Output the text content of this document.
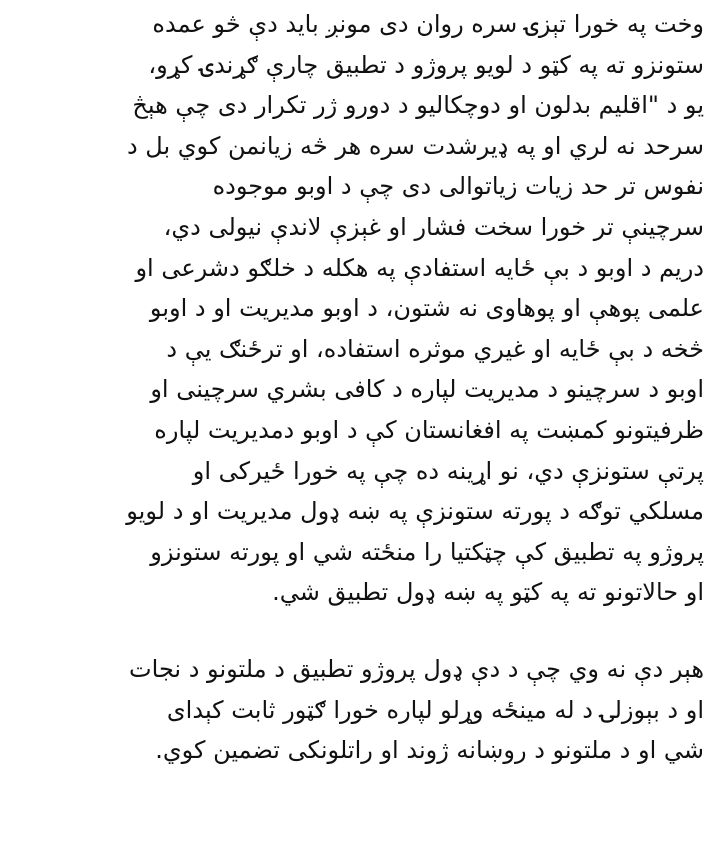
وخت په خورا تېزۍ سره روان دی مونږ باید دې څو عمده
ستونزو ته په کټو د لویو پروژو د تطبیق چارې ګړندۍ کړو،
یو د "اقلیم بدلون او دوچکالیو د دورو ژر تکرار دی چې هېڅ
سرحد نه لري او په ډیرشدت سره هر څه زیانمن کوي بل د
نفوس تر حد زیات زیاتوالی دی چې د اوبو موجوده
سرچینې تر خورا سخت فشار او غېزې لاندې نیولی دي،
دریم د اوبو د بې ځایه استفادې په هکله د خلګو دشرعی او
علمی پوهې او پوهاوی نه شتون، د اوبو مدیریت او د اوبو
څخه د بې ځایه او غیري موثره استفاده، او ترځنګ یې د
اوبو د سرچینو د مدیریت لپاره د کافی بشري سرچینی او
ظرفیتونو کمښت په افغانستان کې د اوبو دمدیریت لپاره
پرتې ستونزې دي، نو اړینه ده چې په خورا ځیرکی او
مسلکي توګه د پورته ستونزې په ښه ډول مدیریت او د لویو
پروژو په تطبیق کې چټکتیا را منځته شي او پورته ستونزو
او حالاتونو ته په کټو په ښه ډول تطبیق شي.
هېر دې نه وي چې د دې ډول پروژو تطبیق د ملتونو د نجات
او د بېوزلۍ د له مینځه وړلو لپاره خورا ګټور ثابت کېدای
شي او د ملتونو د روښانه ژوند او راتلونکی تضمین کوي.
